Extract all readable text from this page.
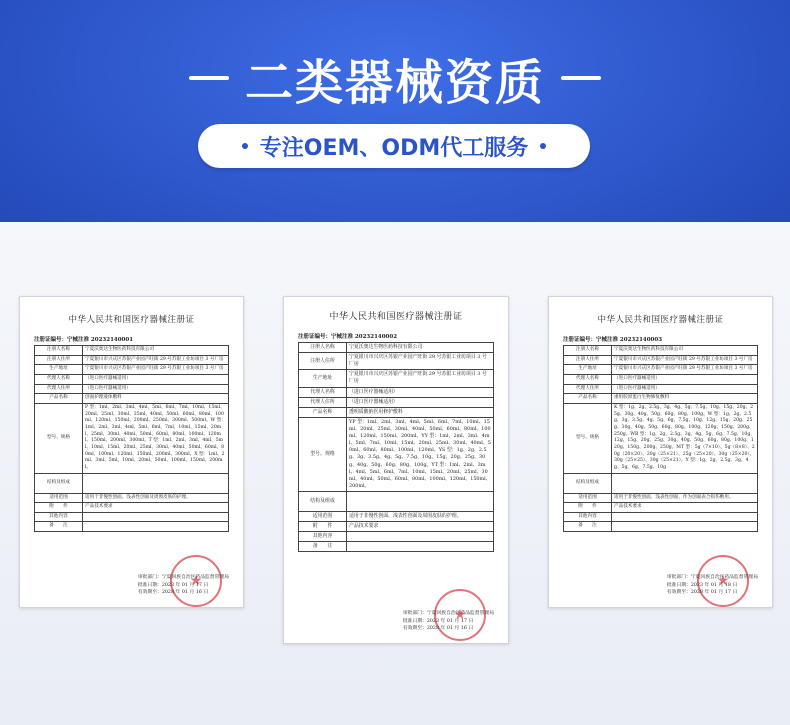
二类器械资质
专注OEM、ODM代工服务
中华人民共和国医疗器械注册证
注册证编号：宁械注准 20232140001
注册人名称	宁夏沃奥达生物医药科技有限公司
注册人住所	宁夏银川市兴庆区苏银产业园产旺街 29 号苏银工业坊项目 3 号厂房
生产地址	宁夏银川市兴庆区苏银产业园产旺街 29 号苏银工业坊项目 3 号厂房
代理人名称	（进口医疗器械适用）
代理人住所	（进口医疗器械适用）
产品名称	创面护理液体敷料
型号、规格	P 型：1ml、2ml、3ml、4ml、5ml、6ml、7ml、10ml、15ml、20ml、25ml、30ml、35ml、40ml、50ml、60ml、80ml、100ml、120ml、150ml、200ml、250ml、300ml、500ml。W 型：1ml、2ml、3ml、4ml、5ml、6ml、7ml、10ml、15ml、20ml、25ml、30ml、40ml、50ml、60ml、80ml、100ml、120ml、150ml、200ml、300ml。T 型：1ml、2ml、3ml、4ml、5ml、10ml、15ml、20ml、25ml、30ml、40ml、50ml、60ml、80ml、100ml、120ml、150ml、200ml、300ml。X 型：1ml、2ml、3ml、5ml、10ml、20ml、50ml、100ml、150ml、200ml。
结构及组成	
适用范围	适用于非慢性创面、浅表性创面及周围皮肤的护理。
附　　件	产品技术要求
其他内容	
备　　注	
★
审批部门：宁夏回族自治区药品监督管理局
批准日期：2023 年 01 月 17 日
有效期至：2028 年 01 月 16 日
中华人民共和国医疗器械注册证
注册证编号：宁械注准 20232140002
注册人名称	宁夏沃奥达生物医药科技有限公司
注册人住所	宁夏银川市兴庆区苏银产业园产旺街 29 号苏银工业坊项目 3 号厂房
生产地址	宁夏银川市兴庆区苏银产业园产旺街 29 号苏银工业坊项目 3 号厂房
代理人名称	（进口医疗器械适用）
代理人住所	（进口医疗器械适用）
产品名称	透明质酸钠医用修护敷料
型号、规格	YP 型：1ml、2ml、3ml、4ml、5ml、6ml、7ml、10ml、15ml、20ml、25ml、30ml、40ml、50ml、60ml、80ml、100ml、120ml、150ml、200ml。YY 型：1ml、2ml、3ml、4ml、5ml、7ml、10ml、15ml、20ml、25ml、30ml、40ml、50ml、60ml、80ml、100ml、120ml。YS 型：1g、2g、2.5g、3g、3.5g、4g、5g、7.5g、10g、15g、20g、25g、30g、40g、50g、60g、80g、100g。YT 型：1ml、2ml、3ml、4ml、5ml、6ml、7ml、10ml、15ml、20ml、25ml、30ml、40ml、50ml、60ml、80ml、100ml、120ml、150ml、200ml。
结构及组成	
适用范围	适用于非慢性创面、浅表性创面及周围皮肤的护理。
附　　件	产品技术要求
其他内容	
备　　注	
★
审批部门：宁夏回族自治区药品监督管理局
批准日期：2023 年 01 月 17 日
有效期至：2028 年 01 月 16 日
中华人民共和国医疗器械注册证
注册证编号：宁械注准 20232140003
注册人名称	宁夏沃奥达生物医药科技有限公司
注册人住所	宁夏银川市兴庆区苏银产业园产旺街 29 号苏银工业坊项目 3 号厂房
生产地址	宁夏银川市兴庆区苏银产业园产旺街 29 号苏银工业坊项目 3 号厂房
代理人名称	（进口医疗器械适用）
代理人住所	（进口医疗器械适用）
产品名称	重组胶原蛋白生物修复敷料
型号、规格	K 型：1g、2g、2.5g、3g、4g、5g、7.5g、10g、15g、20g、25g、30g、40g、50g、60g、80g、100g。W 型：1g、2g、2.5g、3g、3.5g、4g、5g、6g、7.5g、10g、12g、15g、20g、25g、30g、40g、50g、60g、80g、100g、120g、150g、200g、250g。WB 型：1g、2g、2.5g、3g、4g、5g、6g、7.5g、10g、12g、15g、20g、25g、30g、40g、50g、60g、80g、100g、120g、150g、200g、250g。MT 型：5g（7×10）、5g（8×8）、20g（20×20）、20g（25×21）、25g（25×20）、30g（25×20）、30g（25×25）、30g（25×21）。Y 型：1g、2g、2.5g、3g、4g、5g、6g、7.5g、10g
结构及组成	
适用范围	适用于非慢性创面、浅表性创面，作为创面表合损伤敷用。
附　　件	产品技术要求
其他内容	
备　　注	
★
审批部门：宁夏回族自治区药品监督管理局
批准日期：2023 年 01 月 18 日
有效期至：2028 年 01 月 17 日
